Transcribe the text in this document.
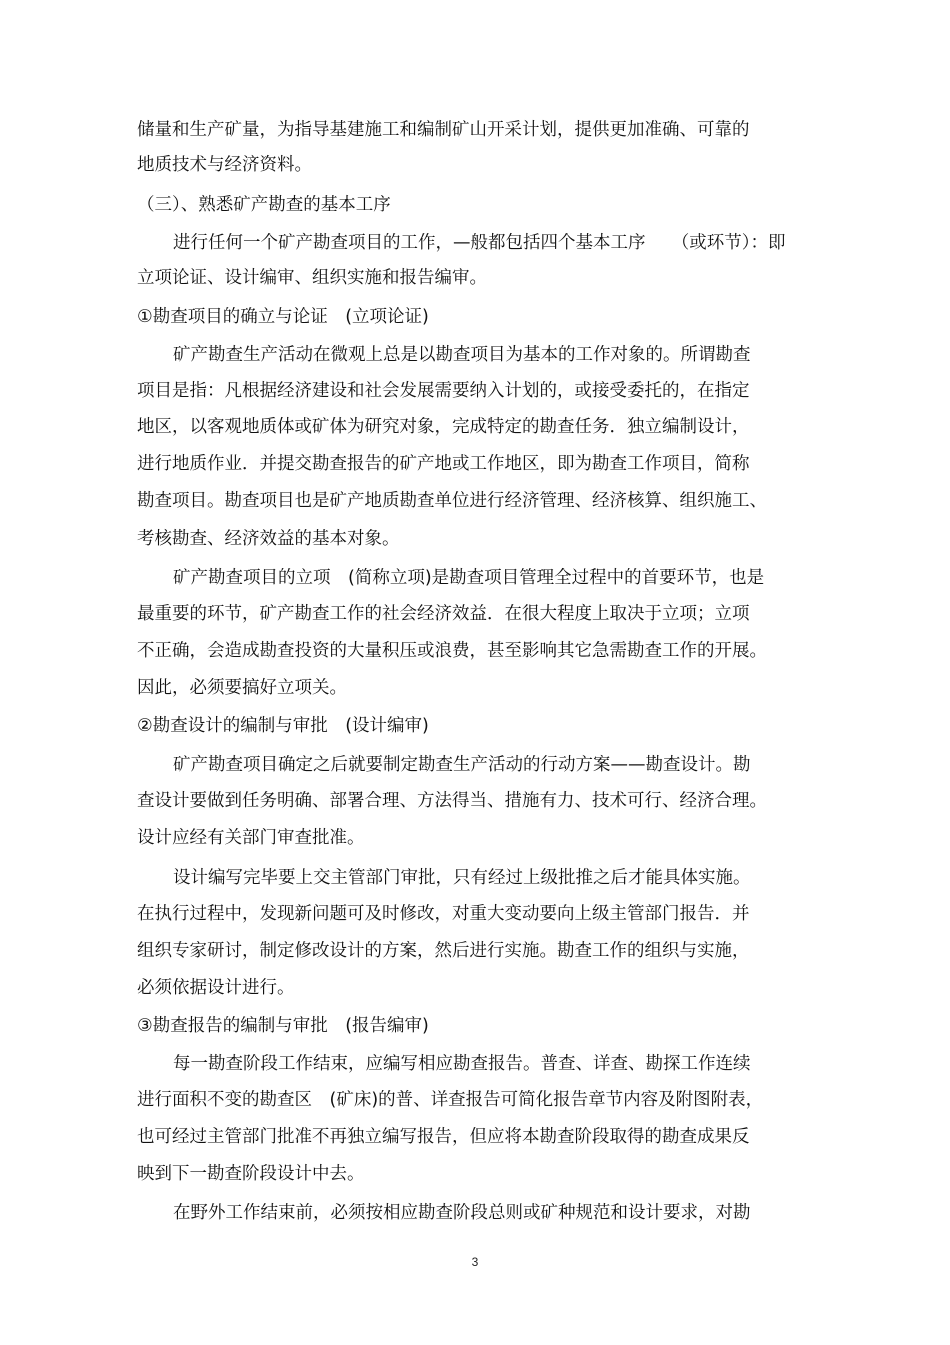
储量和生产矿量，为指导基建施工和编制矿山开采计划，提供更加准确、可靠的
地质技术与经济资料。
（三）、熟悉矿产勘查的基本工序
进行任何一个矿产勘查项目的工作，—般都包括四个基本工序　　（或环节）：即
立项论证、设计编审、组织实施和报告编审。
①勘查项目的确立与论证　(立项论证)
矿产勘查生产活动在微观上总是以勘查项目为基本的工作对象的。所谓勘查
项目是指：凡根据经济建设和社会发展需要纳入计划的，或接受委托的，在指定
地区，以客观地质体或矿体为研究对象，完成特定的勘查任务．独立编制设计，
进行地质作业．并提交勘查报告的矿产地或工作地区，即为勘查工作项目，简称
勘查项目。勘查项目也是矿产地质勘查单位进行经济管理、经济核算、组织施工、
考核勘查、经济效益的基本对象。
矿产勘查项目的立项　(简称立项)是勘查项目管理全过程中的首要环节，也是
最重要的环节，矿产勘查工作的社会经济效益．在很大程度上取决于立项；立项
不正确，会造成勘查投资的大量积压或浪费，甚至影响其它急需勘查工作的开展。
因此，必须要搞好立项关。
②勘查设计的编制与审批　(设计编审)
矿产勘查项目确定之后就要制定勘查生产活动的行动方案——勘查设计。勘
查设计要做到任务明确、部署合理、方法得当、措施有力、技术可行、经济合理。
设计应经有关部门审查批准。
设计编写完毕要上交主管部门审批，只有经过上级批推之后才能具体实施。
在执行过程中，发现新问题可及时修改，对重大变动要向上级主管部门报告．并
组织专家研讨，制定修改设计的方案，然后进行实施。勘查工作的组织与实施，
必须依据设计进行。
③勘查报告的编制与审批　(报告编审)
每一勘查阶段工作结束，应编写相应勘查报告。普查、详查、勘探工作连续
进行面积不变的勘查区　(矿床)的普、详查报告可简化报告章节内容及附图附表，
也可经过主管部门批准不再独立编写报告，但应将本勘查阶段取得的勘查成果反
映到下一勘查阶段设计中去。
在野外工作结束前，必须按相应勘查阶段总则或矿种规范和设计要求，对勘
3
